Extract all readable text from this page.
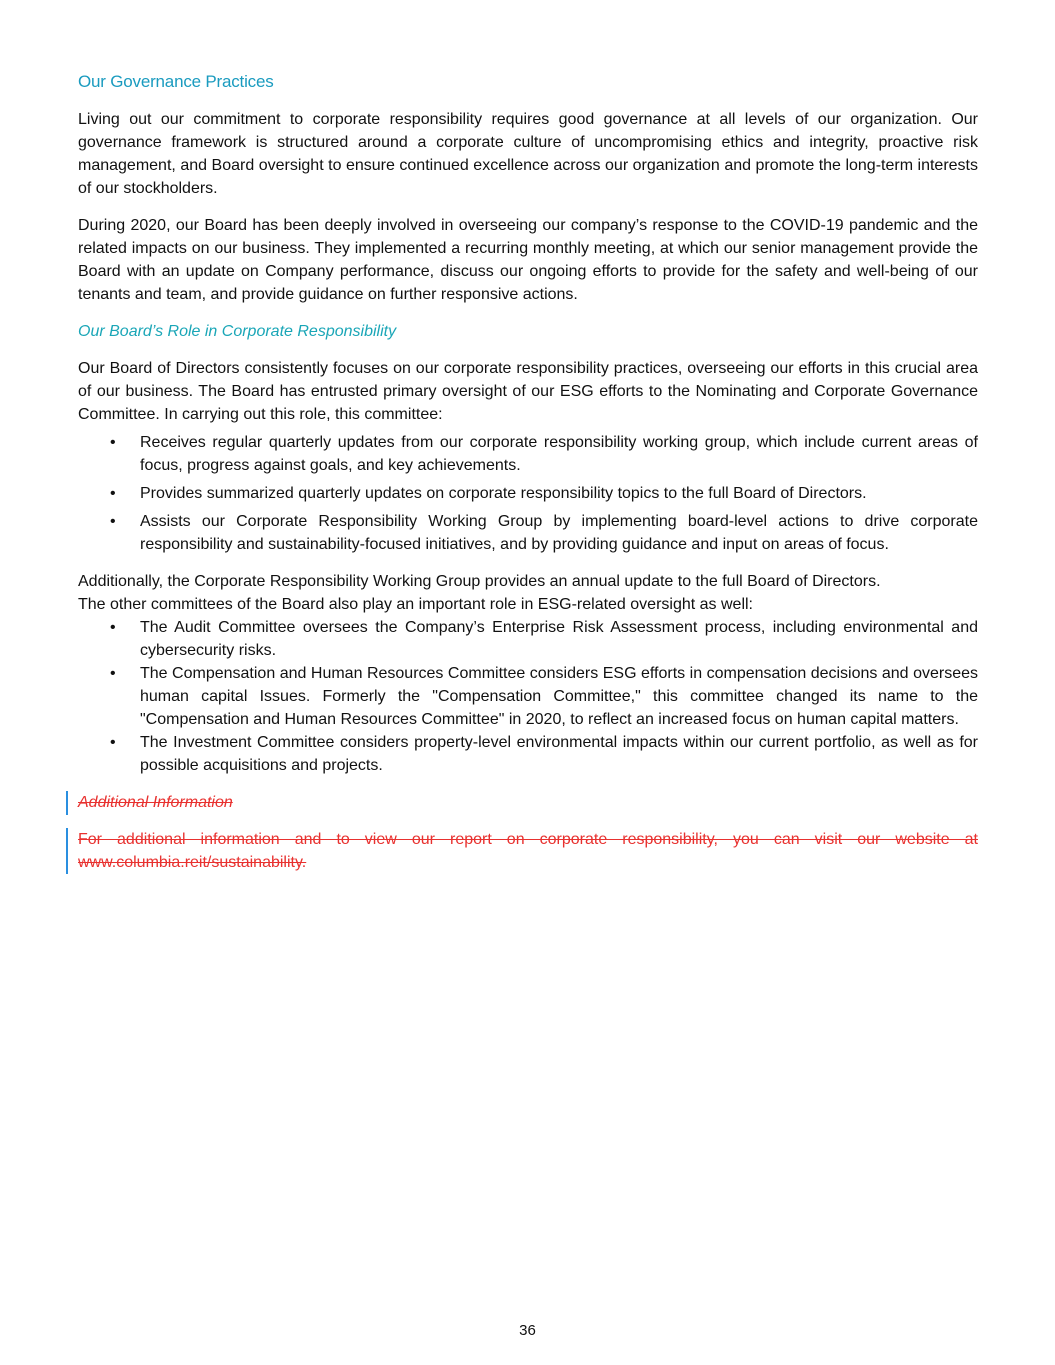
Our Governance Practices

Living out our commitment to corporate responsibility requires good governance at all levels of our organization. Our governance framework is structured around a corporate culture of uncompromising ethics and integrity, proactive risk management, and Board oversight to ensure continued excellence across our organization and promote the long-term interests of our stockholders.

During 2020, our Board has been deeply involved in overseeing our company’s response to the COVID-19 pandemic and the related impacts on our business. They implemented a recurring monthly meeting, at which our senior management provide the Board with an update on Company performance, discuss our ongoing efforts to provide for the safety and well-being of our tenants and team, and provide guidance on further responsive actions.

Our Board’s Role in Corporate Responsibility

Our Board of Directors consistently focuses on our corporate responsibility practices, overseeing our efforts in this crucial area of our business. The Board has entrusted primary oversight of our ESG efforts to the Nominating and Corporate Governance Committee. In carrying out this role, this committee:

• Receives regular quarterly updates from our corporate responsibility working group, which include current areas of focus, progress against goals, and key achievements.
• Provides summarized quarterly updates on corporate responsibility topics to the full Board of Directors.
• Assists our Corporate Responsibility Working Group by implementing board-level actions to drive corporate responsibility and sustainability-focused initiatives, and by providing guidance and input on areas of focus.
Additionally, the Corporate Responsibility Working Group provides an annual update to the full Board of Directors.
The other committees of the Board also play an important role in ESG-related oversight as well:
• The Audit Committee oversees the Company’s Enterprise Risk Assessment process, including environmental and cybersecurity risks.
• The Compensation and Human Resources Committee considers ESG efforts in compensation decisions and oversees human capital Issues. Formerly the "Compensation Committee," this committee changed its name to the "Compensation and Human Resources Committee" in 2020, to reflect an increased focus on human capital matters.
• The Investment Committee considers property-level environmental impacts within our current portfolio, as well as for possible acquisitions and projects.
Additional Information

For additional information and to view our report on corporate responsibility, you can visit our website at www.columbia.reit/sustainability.

36
